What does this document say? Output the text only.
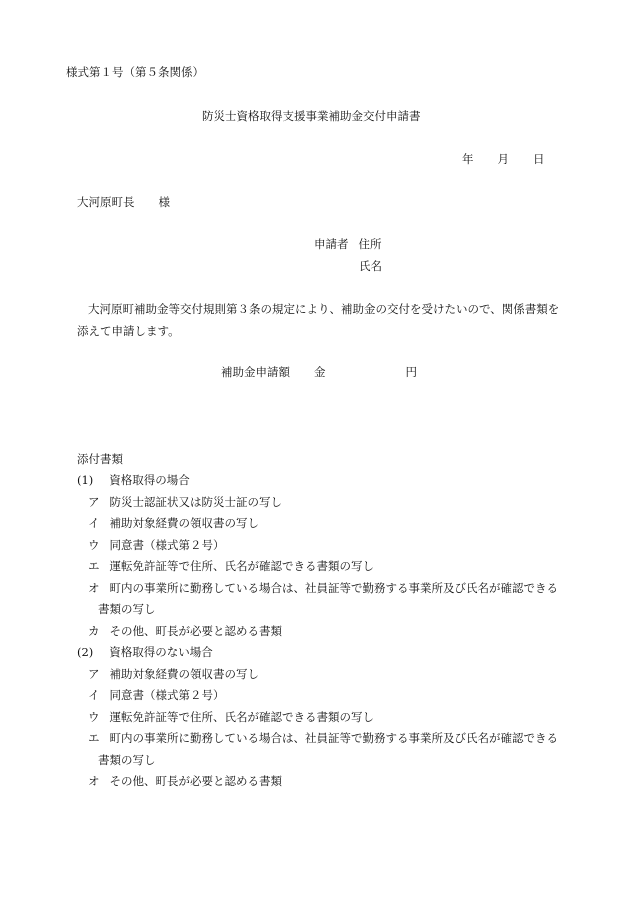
様式第１号（第５条関係）
防災士資格取得支援事業補助金交付申請書
年 月 日
大河原町長 様
申請者 住所
氏名
大河原町補助金等交付規則第３条の規定により、補助金の交付を受けたいので、関係書類を
添えて申請します。
補助金申請額 金	円
添付書類
(1) 資格取得の場合
ア 防災士認証状又は防災士証の写し
イ 補助対象経費の領収書の写し
ウ 同意書（様式第２号）
エ 運転免許証等で住所、氏名が確認できる書類の写し
オ 町内の事業所に勤務している場合は、社員証等で勤務する事業所及び氏名が確認できる
書類の写し
カ その他、町長が必要と認める書類
(2) 資格取得のない場合
ア 補助対象経費の領収書の写し
イ 同意書（様式第２号）
ウ 運転免許証等で住所、氏名が確認できる書類の写し
エ 町内の事業所に勤務している場合は、社員証等で勤務する事業所及び氏名が確認できる
書類の写し
オ その他、町長が必要と認める書類
